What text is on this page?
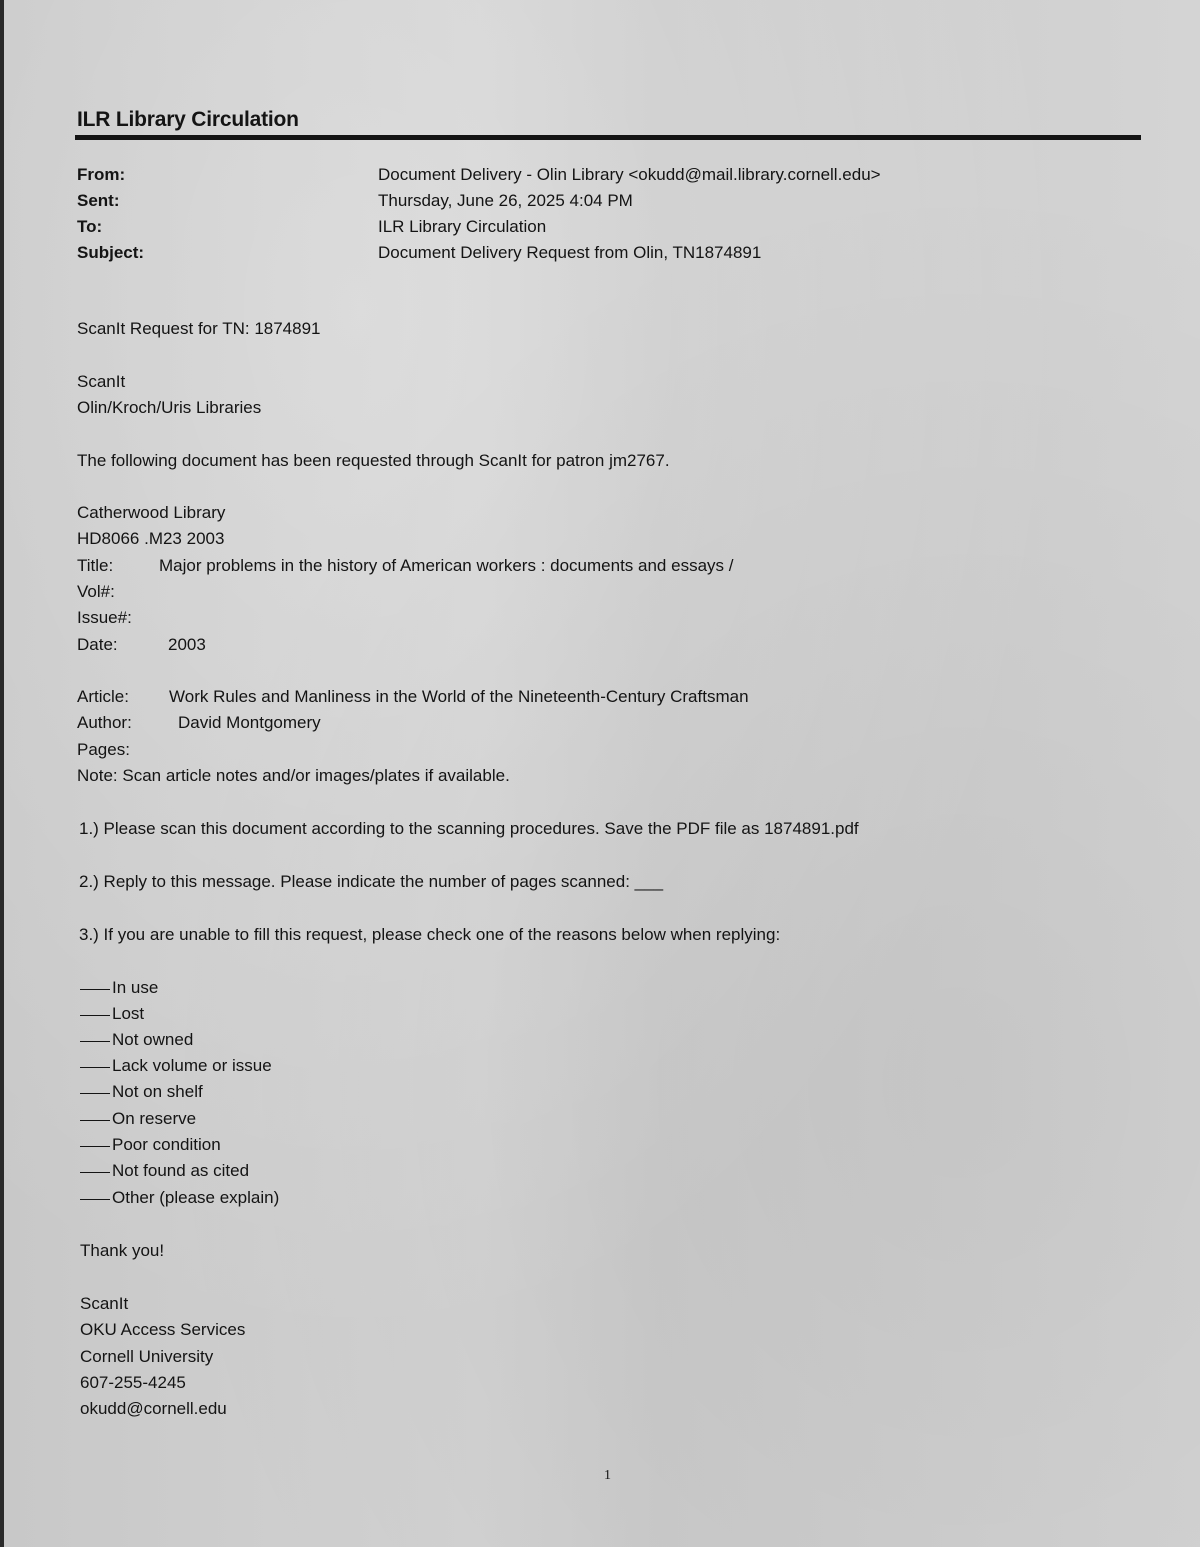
ILR Library Circulation
From:	Document Delivery - Olin Library <okudd@mail.library.cornell.edu>
Sent:	Thursday, June 26, 2025 4:04 PM
To:	ILR Library Circulation
Subject:	Document Delivery Request from Olin, TN1874891
ScanIt Request for TN: 1874891
ScanIt
Olin/Kroch/Uris Libraries
The following document has been requested through ScanIt for patron jm2767.
Catherwood Library
HD8066 .M23 2003
Title:	Major problems in the history of American workers : documents and essays /
Vol#:
Issue#:
Date:	2003
Article: Work Rules and Manliness in the World of the Nineteenth-Century Craftsman
Author:	David Montgomery
Pages:
Note: Scan article notes and/or images/plates if available.
1.) Please scan this document according to the scanning procedures. Save the PDF file as 1874891.pdf
2.) Reply to this message. Please indicate the number of pages scanned: ___
3.) If you are unable to fill this request, please check one of the reasons below when replying:
In use
Lost
Not owned
Lack volume or issue
Not on shelf
On reserve
Poor condition
Not found as cited
Other (please explain)
Thank you!
ScanIt
OKU Access Services
Cornell University
607-255-4245
okudd@cornell.edu
1
